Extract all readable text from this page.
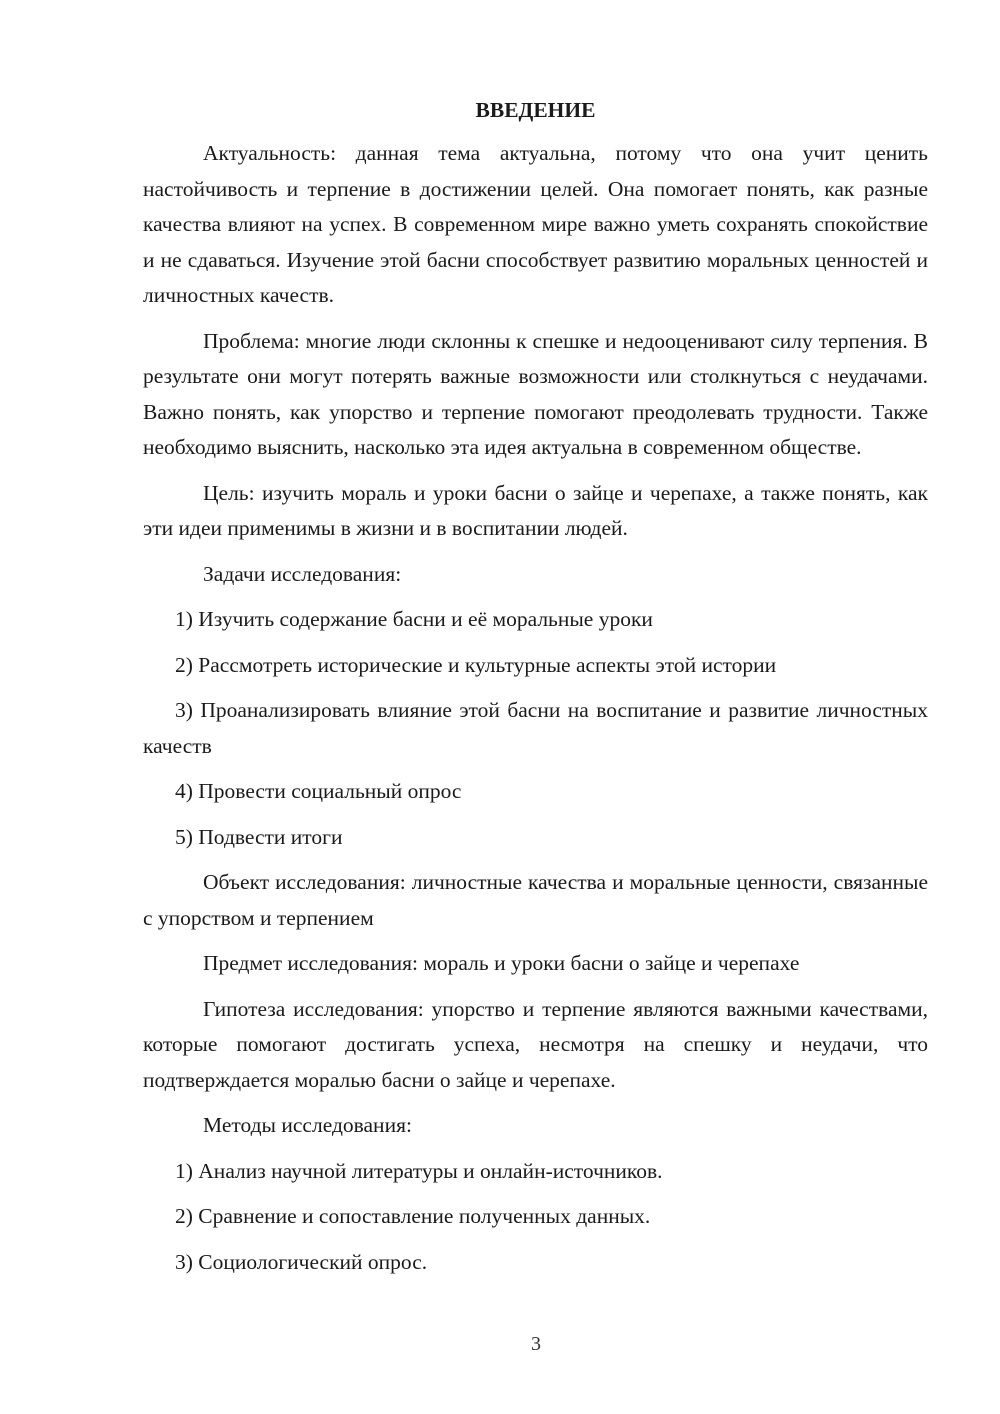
ВВЕДЕНИЕ

Актуальность: данная тема актуальна, потому что она учит ценить настойчивость и терпение в достижении целей. Она помогает понять, как разные качества влияют на успех. В современном мире важно уметь сохранять спокойствие и не сдаваться. Изучение этой басни способствует развитию моральных ценностей и личностных качеств.

Проблема: многие люди склонны к спешке и недооценивают силу терпения. В результате они могут потерять важные возможности или столкнуться с неудачами. Важно понять, как упорство и терпение помогают преодолевать трудности. Также необходимо выяснить, насколько эта идея актуальна в современном обществе.

Цель: изучить мораль и уроки басни о зайце и черепахе, а также понять, как эти идеи применимы в жизни и в воспитании людей.

Задачи исследования:

1) Изучить содержание басни и её моральные уроки

2) Рассмотреть исторические и культурные аспекты этой истории

3) Проанализировать влияние этой басни на воспитание и развитие личностных качеств

4) Провести социальный опрос

5) Подвести итоги

Объект исследования: личностные качества и моральные ценности, связанные с упорством и терпением

Предмет исследования: мораль и уроки басни о зайце и черепахе

Гипотеза исследования: упорство и терпение являются важными качествами, которые помогают достигать успеха, несмотря на спешку и неудачи, что подтверждается моралью басни о зайце и черепахе.

Методы исследования:

1) Анализ научной литературы и онлайн-источников.

2) Сравнение и сопоставление полученных данных.

3) Социологический опрос.

3
